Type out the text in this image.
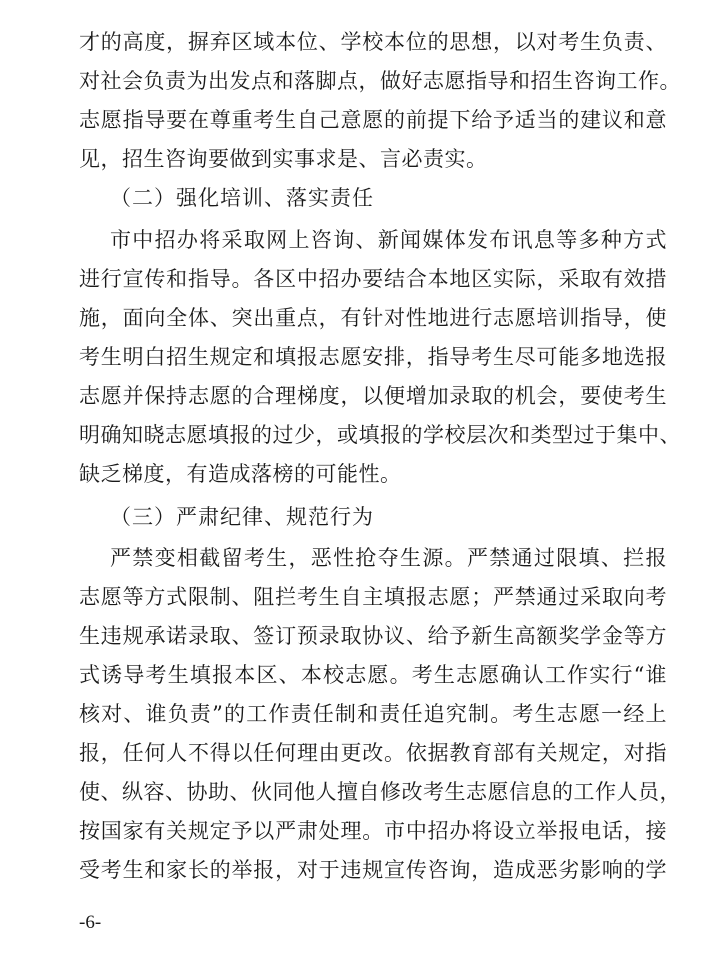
才的高度，摒弃区域本位、学校本位的思想，以对考生负责、
对社会负责为出发点和落脚点，做好志愿指导和招生咨询工作。
志愿指导要在尊重考生自己意愿的前提下给予适当的建议和意
见，招生咨询要做到实事求是、言必责实。
（二）强化培训、落实责任
市中招办将采取网上咨询、新闻媒体发布讯息等多种方式
进行宣传和指导。各区中招办要结合本地区实际，采取有效措
施，面向全体、突出重点，有针对性地进行志愿培训指导，使
考生明白招生规定和填报志愿安排，指导考生尽可能多地选报
志愿并保持志愿的合理梯度，以便增加录取的机会，要使考生
明确知晓志愿填报的过少，或填报的学校层次和类型过于集中、
缺乏梯度，有造成落榜的可能性。
（三）严肃纪律、规范行为
严禁变相截留考生，恶性抢夺生源。严禁通过限填、拦报
志愿等方式限制、阻拦考生自主填报志愿；严禁通过采取向考
生违规承诺录取、签订预录取协议、给予新生高额奖学金等方
式诱导考生填报本区、本校志愿。考生志愿确认工作实行“谁
核对、谁负责”的工作责任制和责任追究制。考生志愿一经上
报，任何人不得以任何理由更改。依据教育部有关规定，对指
使、纵容、协助、伙同他人擅自修改考生志愿信息的工作人员，
按国家有关规定予以严肃处理。市中招办将设立举报电话，接
受考生和家长的举报，对于违规宣传咨询，造成恶劣影响的学
-6-
